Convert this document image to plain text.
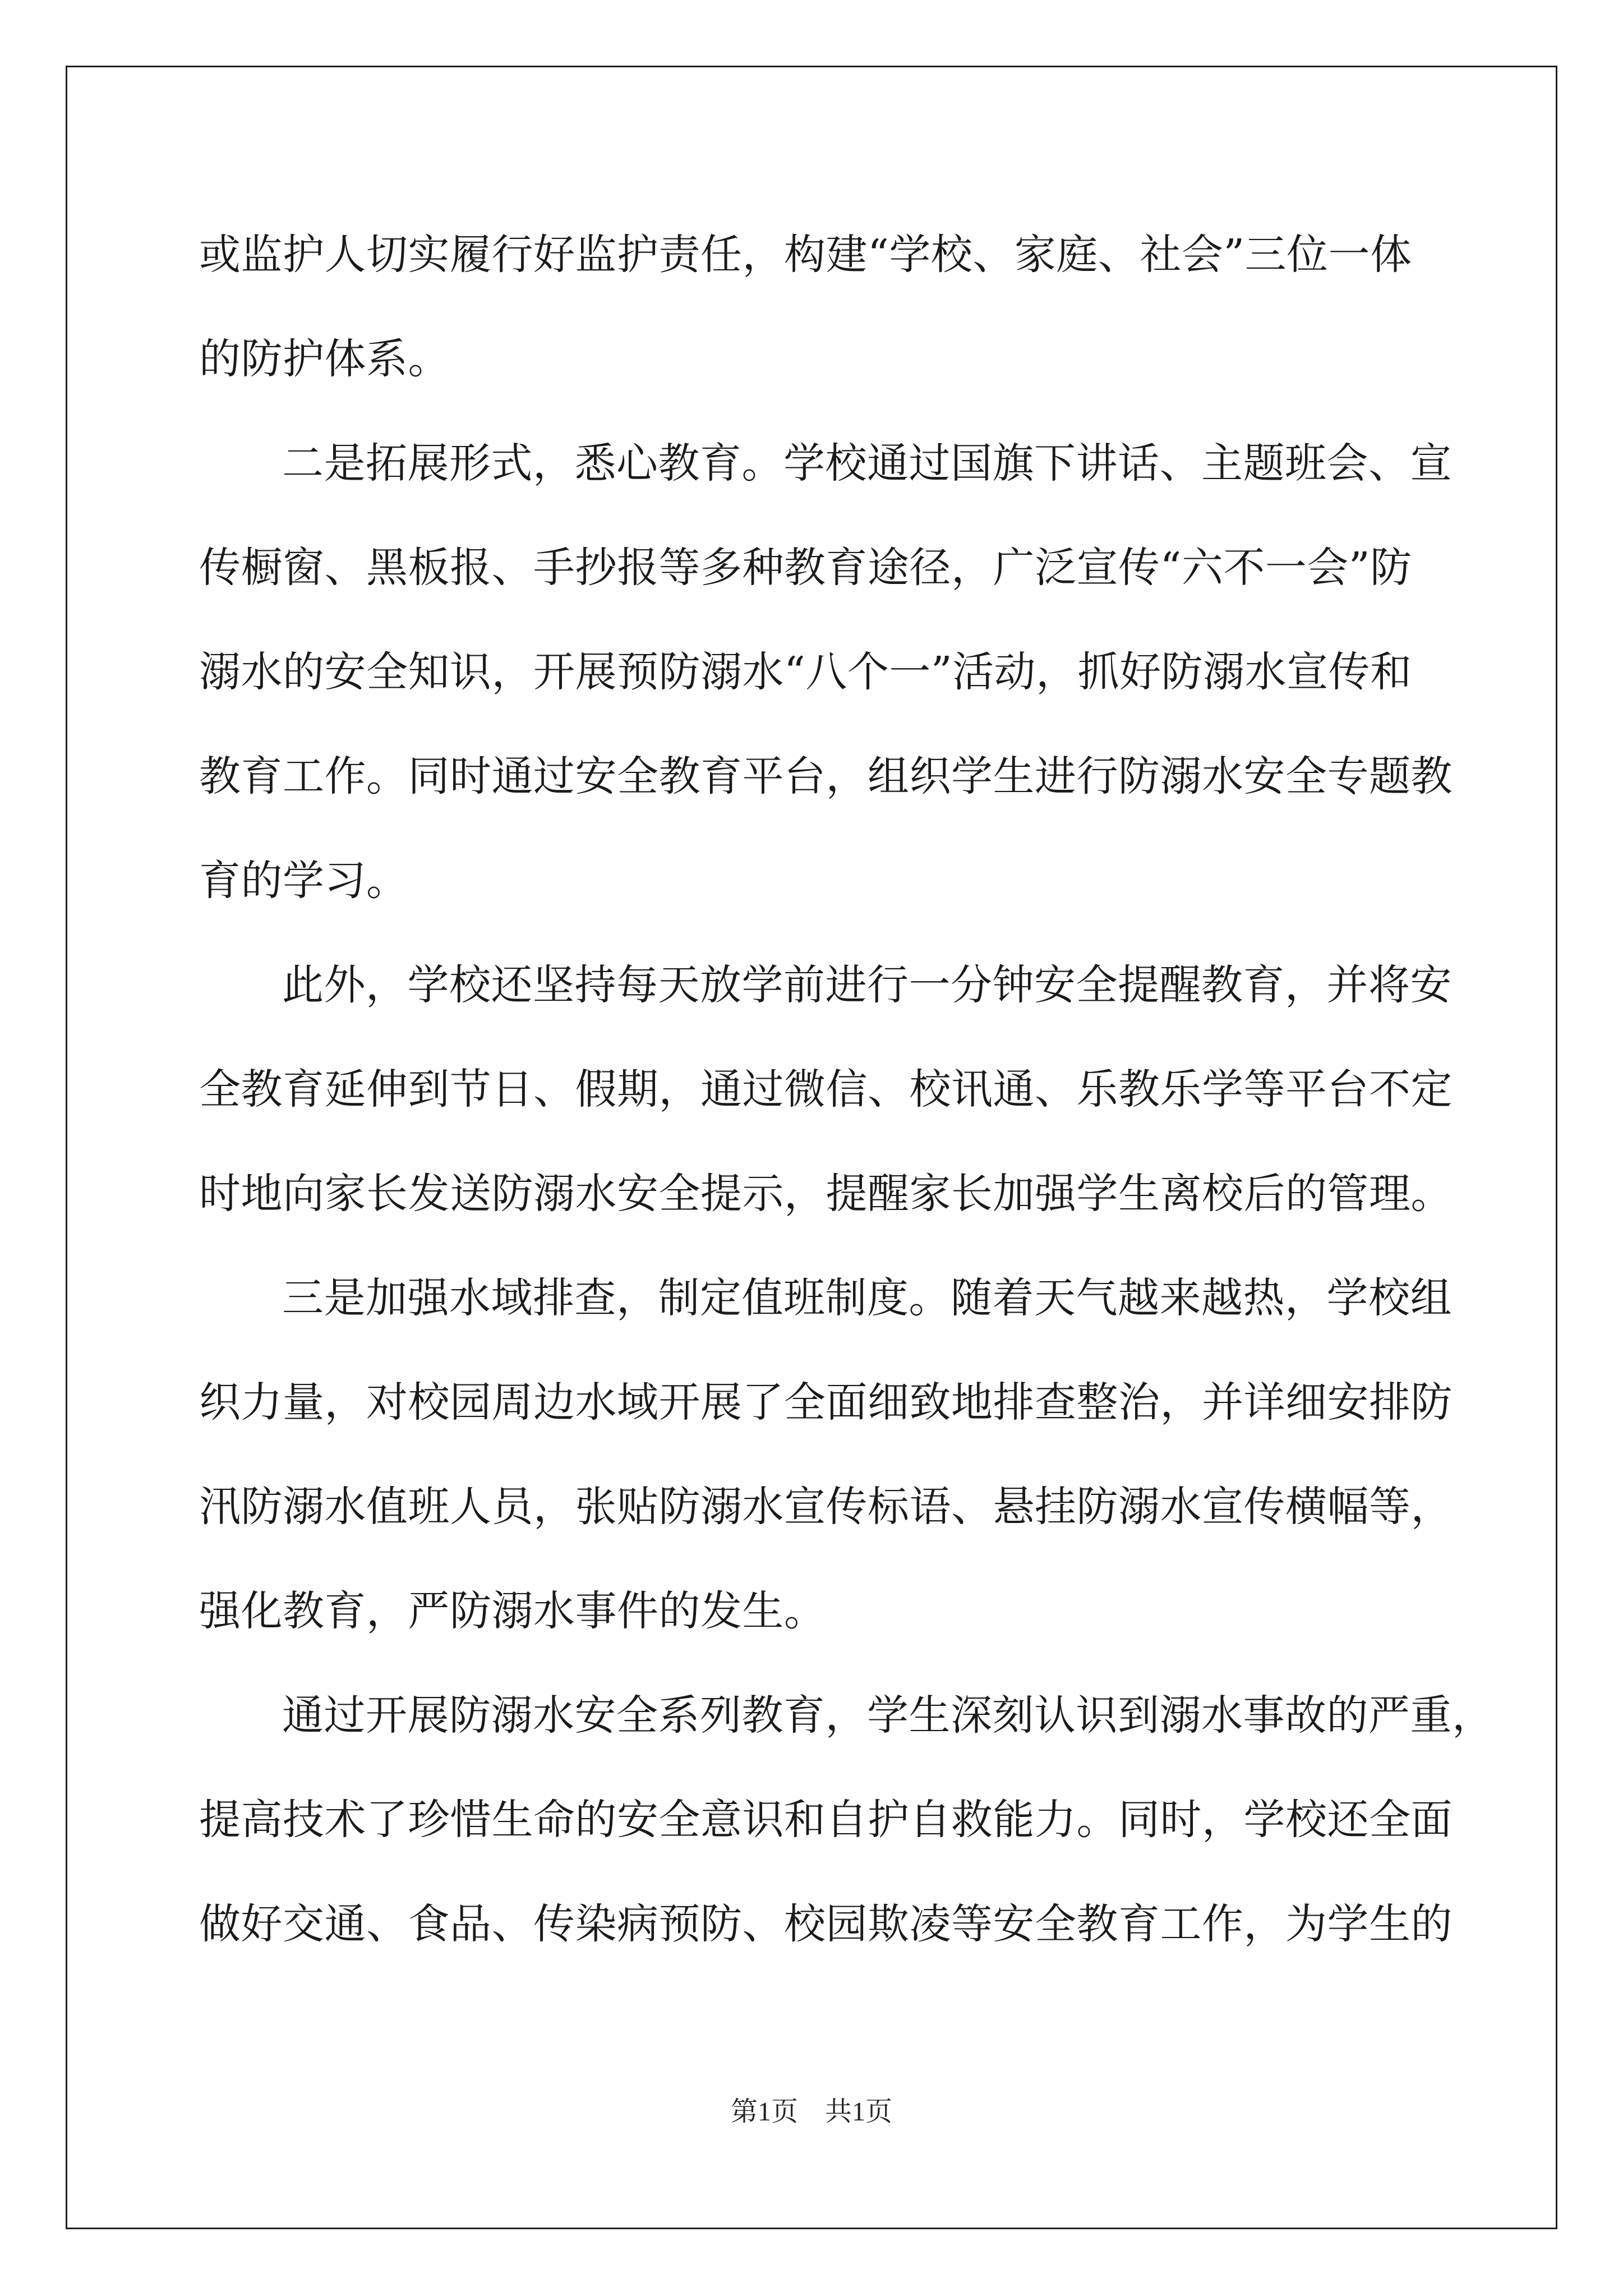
或监护人切实履行好监护责任，构建“学校、家庭、社会”三位一体
的防护体系。
二是拓展形式，悉心教育。学校通过国旗下讲话、主题班会、宣
传橱窗、黑板报、手抄报等多种教育途径，广泛宣传“六不一会”防
溺水的安全知识，开展预防溺水“八个一”活动，抓好防溺水宣传和
教育工作。同时通过安全教育平台，组织学生进行防溺水安全专题教
育的学习。
此外，学校还坚持每天放学前进行一分钟安全提醒教育，并将安
全教育延伸到节日、假期，通过微信、校讯通、乐教乐学等平台不定
时地向家长发送防溺水安全提示，提醒家长加强学生离校后的管理。
三是加强水域排查，制定值班制度。随着天气越来越热，学校组
织力量，对校园周边水域开展了全面细致地排查整治，并详细安排防
汛防溺水值班人员，张贴防溺水宣传标语、悬挂防溺水宣传横幅等，
强化教育，严防溺水事件的发生。
通过开展防溺水安全系列教育，学生深刻认识到溺水事故的严重，
提高技术了珍惜生命的安全意识和自护自救能力。同时，学校还全面
做好交通、食品、传染病预防、校园欺凌等安全教育工作，为学生的
第1页 共1页
